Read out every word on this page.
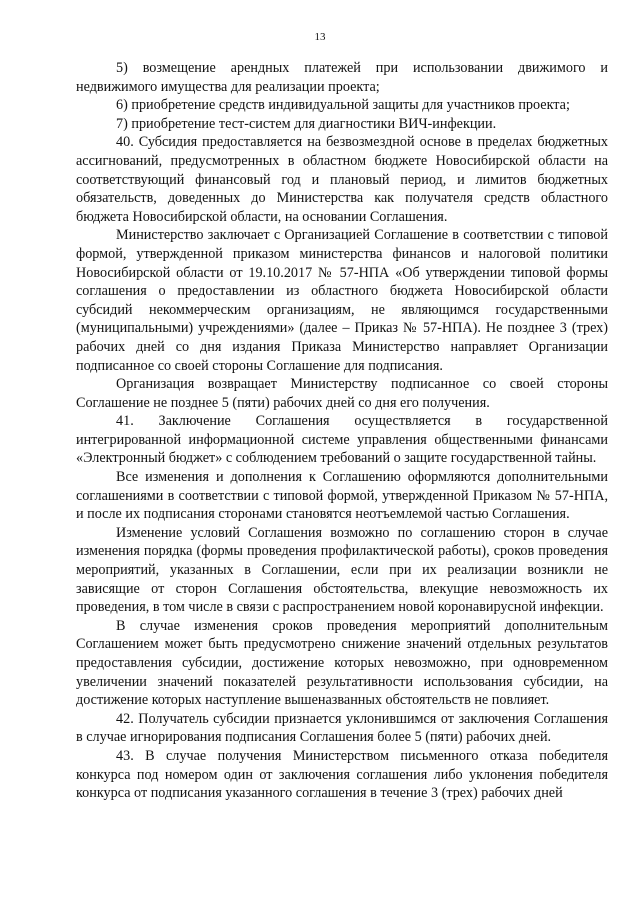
13

5) возмещение арендных платежей при использовании движимого и недвижимого имущества для реализации проекта;

6) приобретение средств индивидуальной защиты для участников проекта;

7) приобретение тест-систем для диагностики ВИЧ-инфекции.

40. Субсидия предоставляется на безвозмездной основе в пределах бюджетных ассигнований, предусмотренных в областном бюджете Новосибирской области на соответствующий финансовый год и плановый период, и лимитов бюджетных обязательств, доведенных до Министерства как получателя средств областного бюджета Новосибирской области, на основании Соглашения.

Министерство заключает с Организацией Соглашение в соответствии с типовой формой, утвержденной приказом министерства финансов и налоговой политики Новосибирской области от 19.10.2017 № 57-НПА «Об утверждении типовой формы соглашения о предоставлении из областного бюджета Новосибирской области субсидий некоммерческим организациям, не являющимся государственными (муниципальными) учреждениями» (далее – Приказ № 57-НПА). Не позднее 3 (трех) рабочих дней со дня издания Приказа Министерство направляет Организации подписанное со своей стороны Соглашение для подписания.

Организация возвращает Министерству подписанное со своей стороны Соглашение не позднее 5 (пяти) рабочих дней со дня его получения.

41. Заключение Соглашения осуществляется в государственной интегрированной информационной системе управления общественными финансами «Электронный бюджет» с соблюдением требований о защите государственной тайны.

Все изменения и дополнения к Соглашению оформляются дополнительными соглашениями в соответствии с типовой формой, утвержденной Приказом № 57-НПА, и после их подписания сторонами становятся неотъемлемой частью Соглашения.

Изменение условий Соглашения возможно по соглашению сторон в случае изменения порядка (формы проведения профилактической работы), сроков проведения мероприятий, указанных в Соглашении, если при их реализации возникли не зависящие от сторон Соглашения обстоятельства, влекущие невозможность их проведения, в том числе в связи с распространением новой коронавирусной инфекции.

В случае изменения сроков проведения мероприятий дополнительным Соглашением может быть предусмотрено снижение значений отдельных результатов предоставления субсидии, достижение которых невозможно, при одновременном увеличении значений показателей результативности использования субсидии, на достижение которых наступление вышеназванных обстоятельств не повлияет.

42. Получатель субсидии признается уклонившимся от заключения Соглашения в случае игнорирования подписания Соглашения более 5 (пяти) рабочих дней.

43. В случае получения Министерством письменного отказа победителя конкурса под номером один от заключения соглашения либо уклонения победителя конкурса от подписания указанного соглашения в течение 3 (трех) рабочих дней
